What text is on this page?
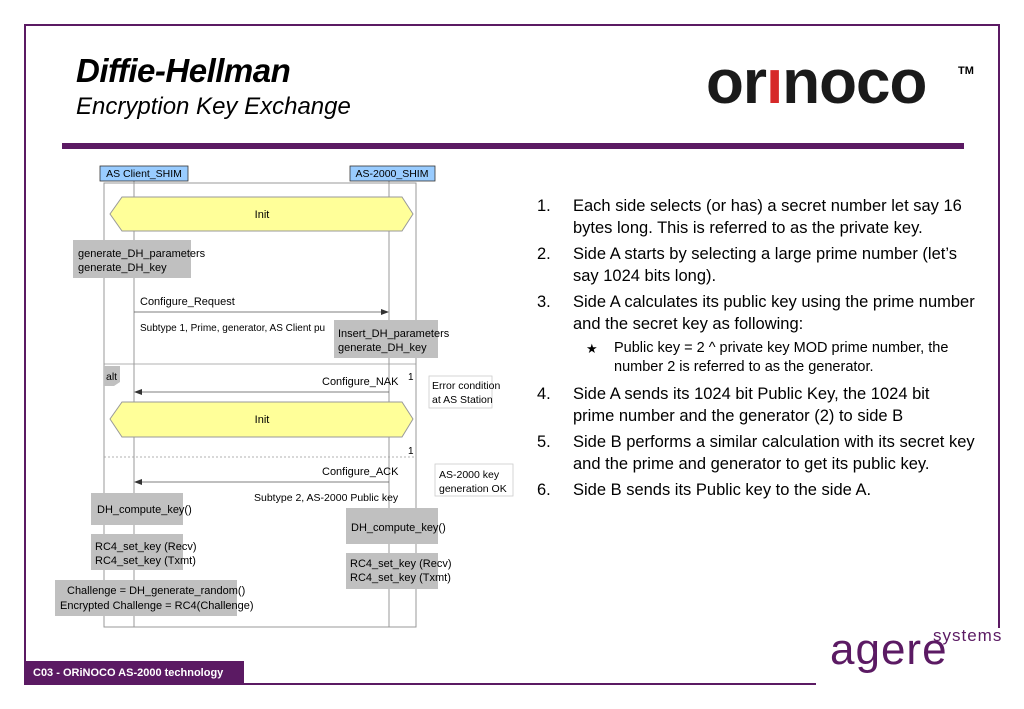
Diffie-Hellman
Encryption Key Exchange	orınoco	TM
AS Client_SHIM	AS-2000_SHIM
Init
generate_DH_parameters
generate_DH_key
Configure_Request
Subtype 1, Prime, generator, AS Client pu Insert_DH_parameters
generate_DH_key
alt	1
Configure_NAK	Error condition
at AS Station
Init
1
Configure_ACK	AS-2000 key
generation OK
Subtype 2, AS-2000 Public key
DH_compute_key()
DH_compute_key()
RC4_set_key (Recv)
RC4_set_key (Txmt)	RC4_set_key (Recv)
RC4_set_key (Txmt)
Challenge = DH_generate_random()
Encrypted Challenge = RC4(Challenge)
1. Each side selects (or has) a secret number let say 16 bytes long. This is referred to as the private key.
2. Side A starts by selecting a large prime number (let’s say 1024 bits long).
3. Side A calculates its public key using the prime number and the secret key as following:
★ Public key = 2 ^ private key MOD prime number, the number 2 is referred to as the generator.
4. Side A sends its 1024 bit Public Key, the 1024 bit prime number and the generator (2) to side B
5. Side B performs a similar calculation with its secret key and the prime and generator to get its public key.
6. Side B sends its Public key to the side A.
C03 - ORiNOCO AS-2000 technology	agere
systems
